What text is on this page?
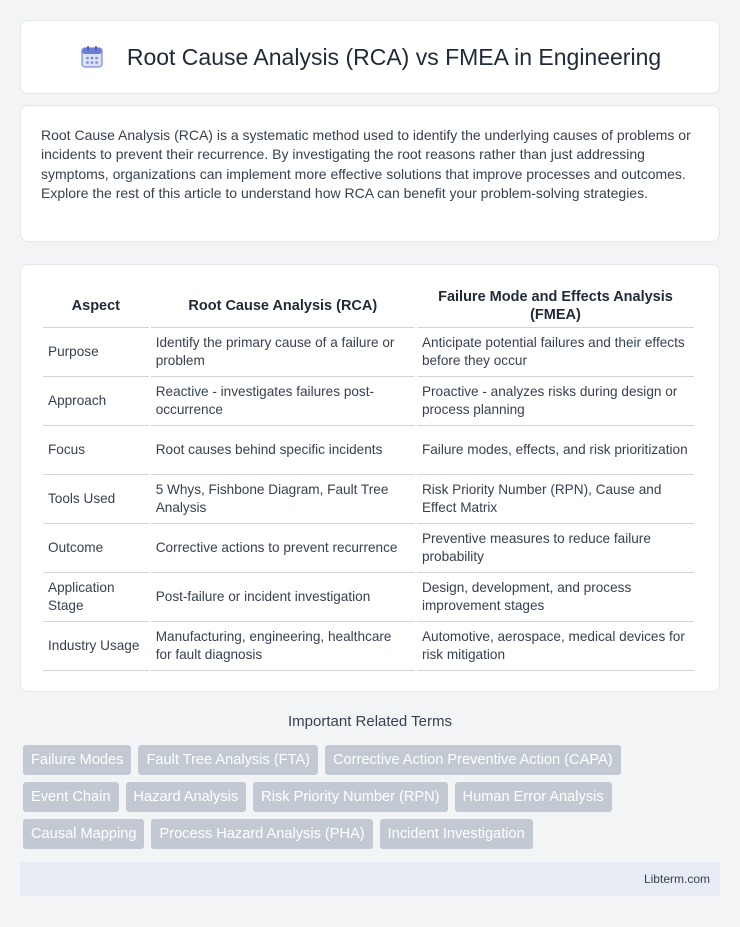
Root Cause Analysis (RCA) vs FMEA in Engineering

Root Cause Analysis (RCA) is a systematic method used to identify the underlying causes of problems or incidents to prevent their recurrence. By investigating the root reasons rather than just addressing symptoms, organizations can implement more effective solutions that improve processes and outcomes. Explore the rest of this article to understand how RCA can benefit your problem-solving strategies.

Aspect	Root Cause Analysis (RCA)	Failure Mode and Effects Analysis (FMEA)
Purpose	Identify the primary cause of a failure or problem	Anticipate potential failures and their effects before they occur
Approach	Reactive - investigates failures post-occurrence	Proactive - analyzes risks during design or process planning
Focus	Root causes behind specific incidents	Failure modes, effects, and risk prioritization
Tools Used	5 Whys, Fishbone Diagram, Fault Tree Analysis	Risk Priority Number (RPN), Cause and Effect Matrix
Outcome	Corrective actions to prevent recurrence	Preventive measures to reduce failure probability
Application Stage	Post-failure or incident investigation	Design, development, and process improvement stages
Industry Usage	Manufacturing, engineering, healthcare for fault diagnosis	Automotive, aerospace, medical devices for risk mitigation
Important Related Terms
Failure Modes	Fault Tree Analysis (FTA)	Corrective Action Preventive Action (CAPA)
Event Chain	Hazard Analysis	Risk Priority Number (RPN)	Human Error Analysis
Causal Mapping	Process Hazard Analysis (PHA)	Incident Investigation
Libterm.com
